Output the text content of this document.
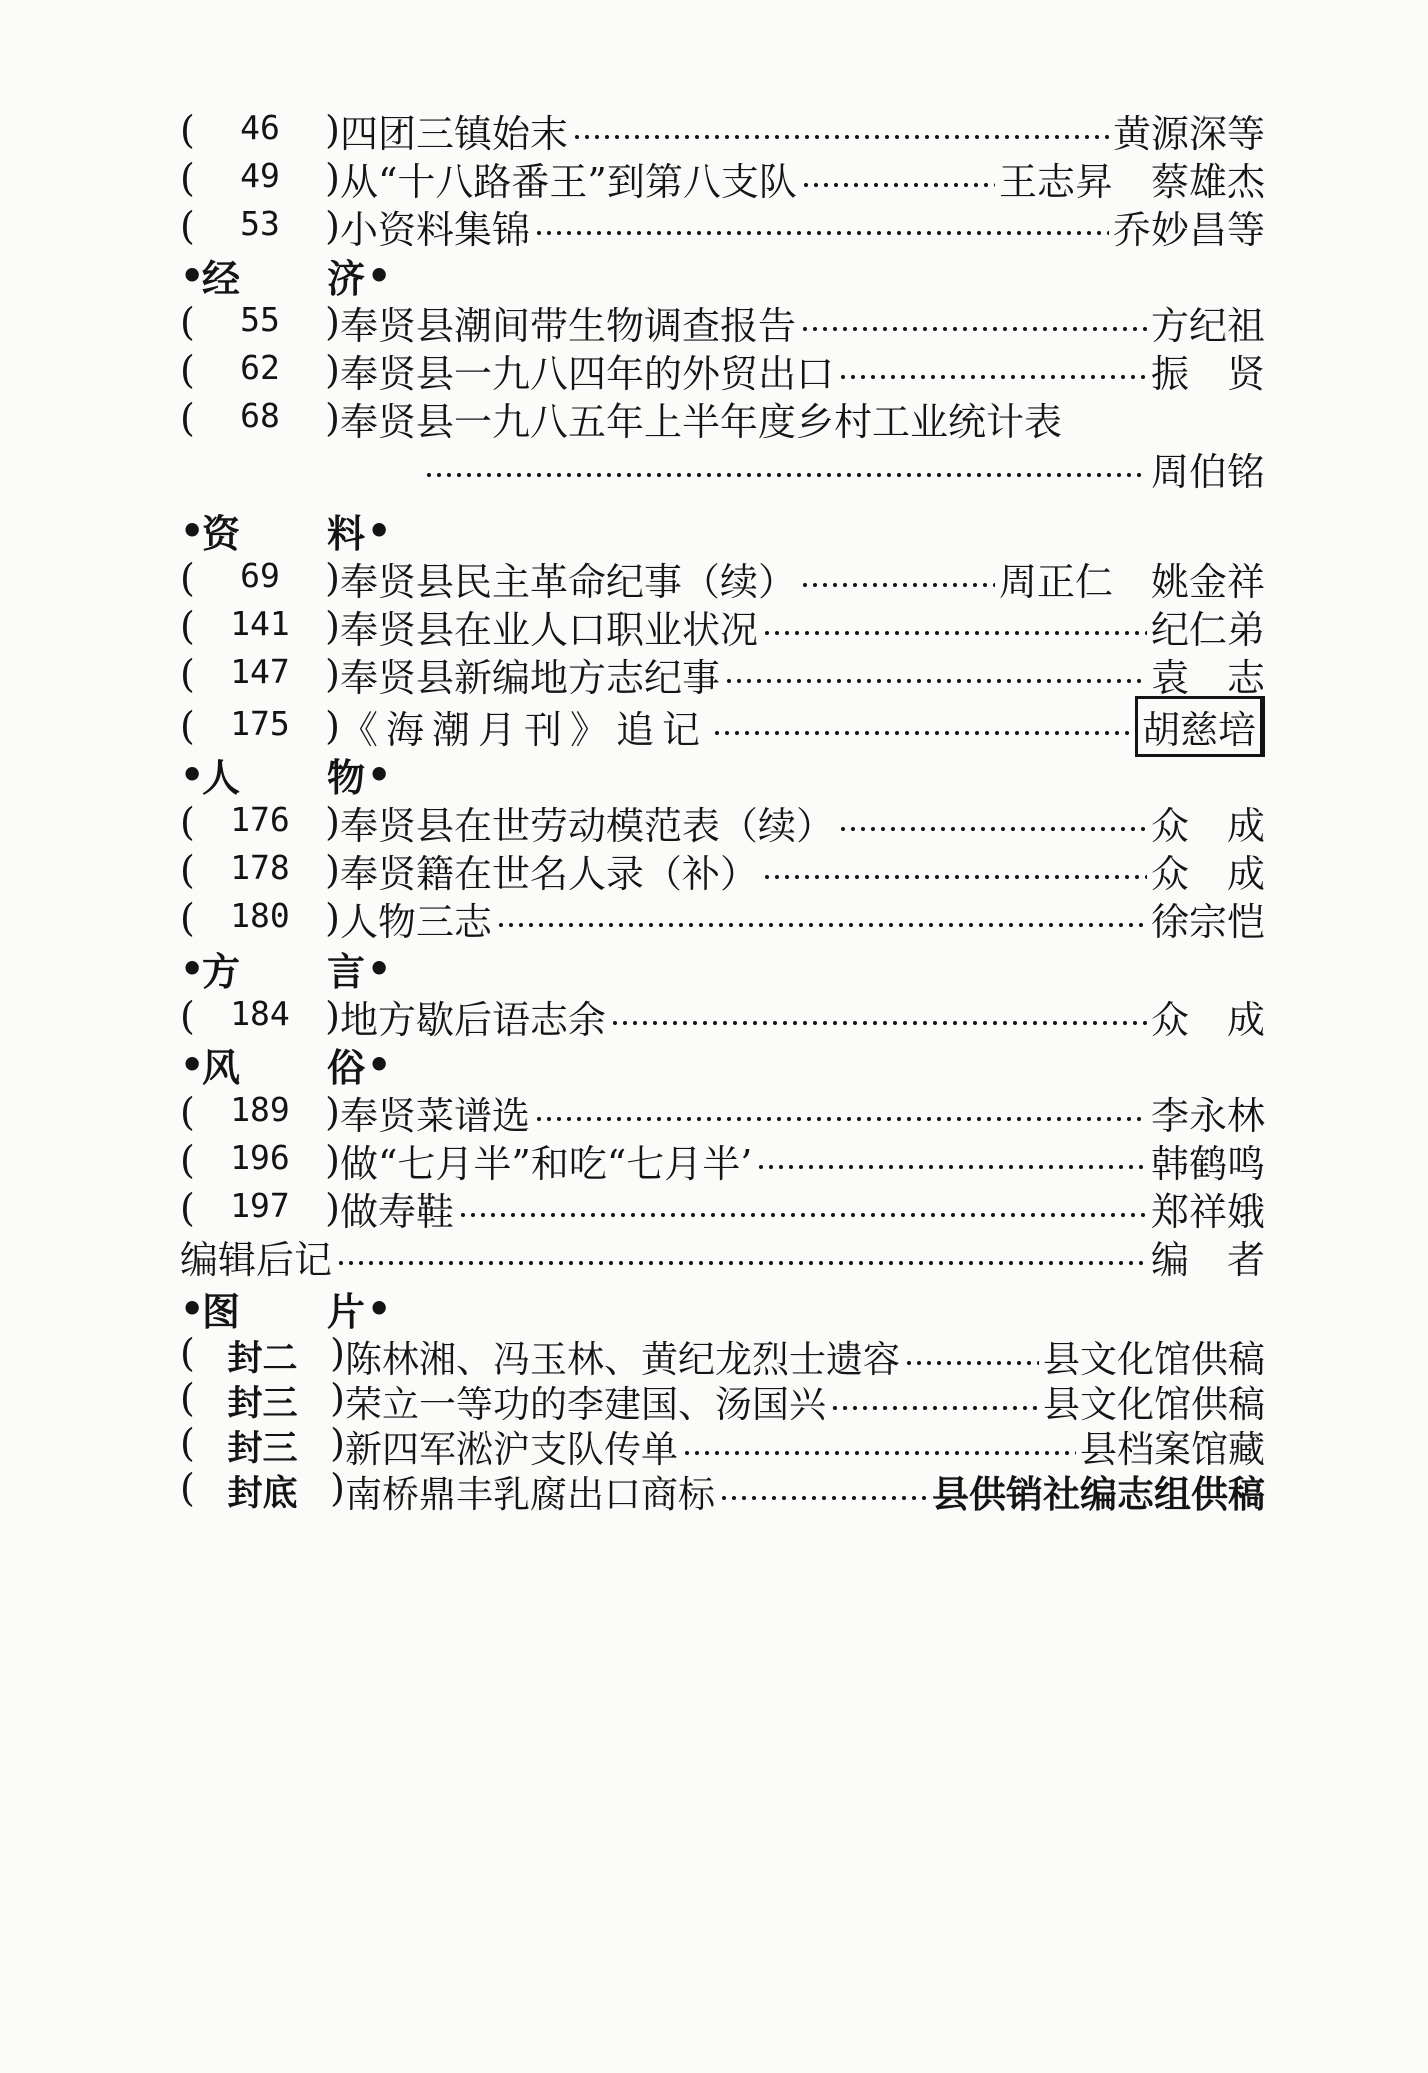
( 46 ) 四团三镇始末	黄源深等
( 49 ) 从“十八路番王”到第八支队	王志昇　蔡雄杰
( 53 ) 小资料集锦	乔妙昌等
•
经	济 •
( 55 ) 奉贤县潮间带生物调查报告	方纪祖
( 62 ) 奉贤县一九八四年的外贸出口	振　贤
( 68 ) 奉贤县一九八五年上半年度乡村工业统计表
周伯铭
•
资	料 •
( 69 ) 奉贤县民主革命纪事（续）	周正仁　姚金祥
( 141 ) 奉贤县在业人口职业状况	纪仁弟
( 147 ) 奉贤县新编地方志纪事	袁　志
( 175 ) 《海潮月刊》追记	胡慈培
•
人	物 •
( 176 ) 奉贤县在世劳动模范表（续）	众　成
( 178 ) 奉贤籍在世名人录（补）	众　成
( 180 ) 人物三志	徐宗恺
•
方	言 •
( 184 ) 地方歇后语志余	众　成
•
风	俗 •
( 189 ) 奉贤菜谱选	李永林
( 196 ) 做“七月半”和吃“七月半’	韩鹤鸣
( 197 ) 做寿鞋	郑祥娥
编辑后记	编　者
•
图	片 •
( 封二 ) 陈林湘、冯玉林、黄纪龙烈士遗容	县文化馆供稿
( 封三 ) 荣立一等功的李建国、汤国兴	县文化馆供稿
( 封三 ) 新四军淞沪支队传单	县档案馆藏
( 封底 ) 南桥鼎丰乳腐出口商标	县供销社编志组供稿
